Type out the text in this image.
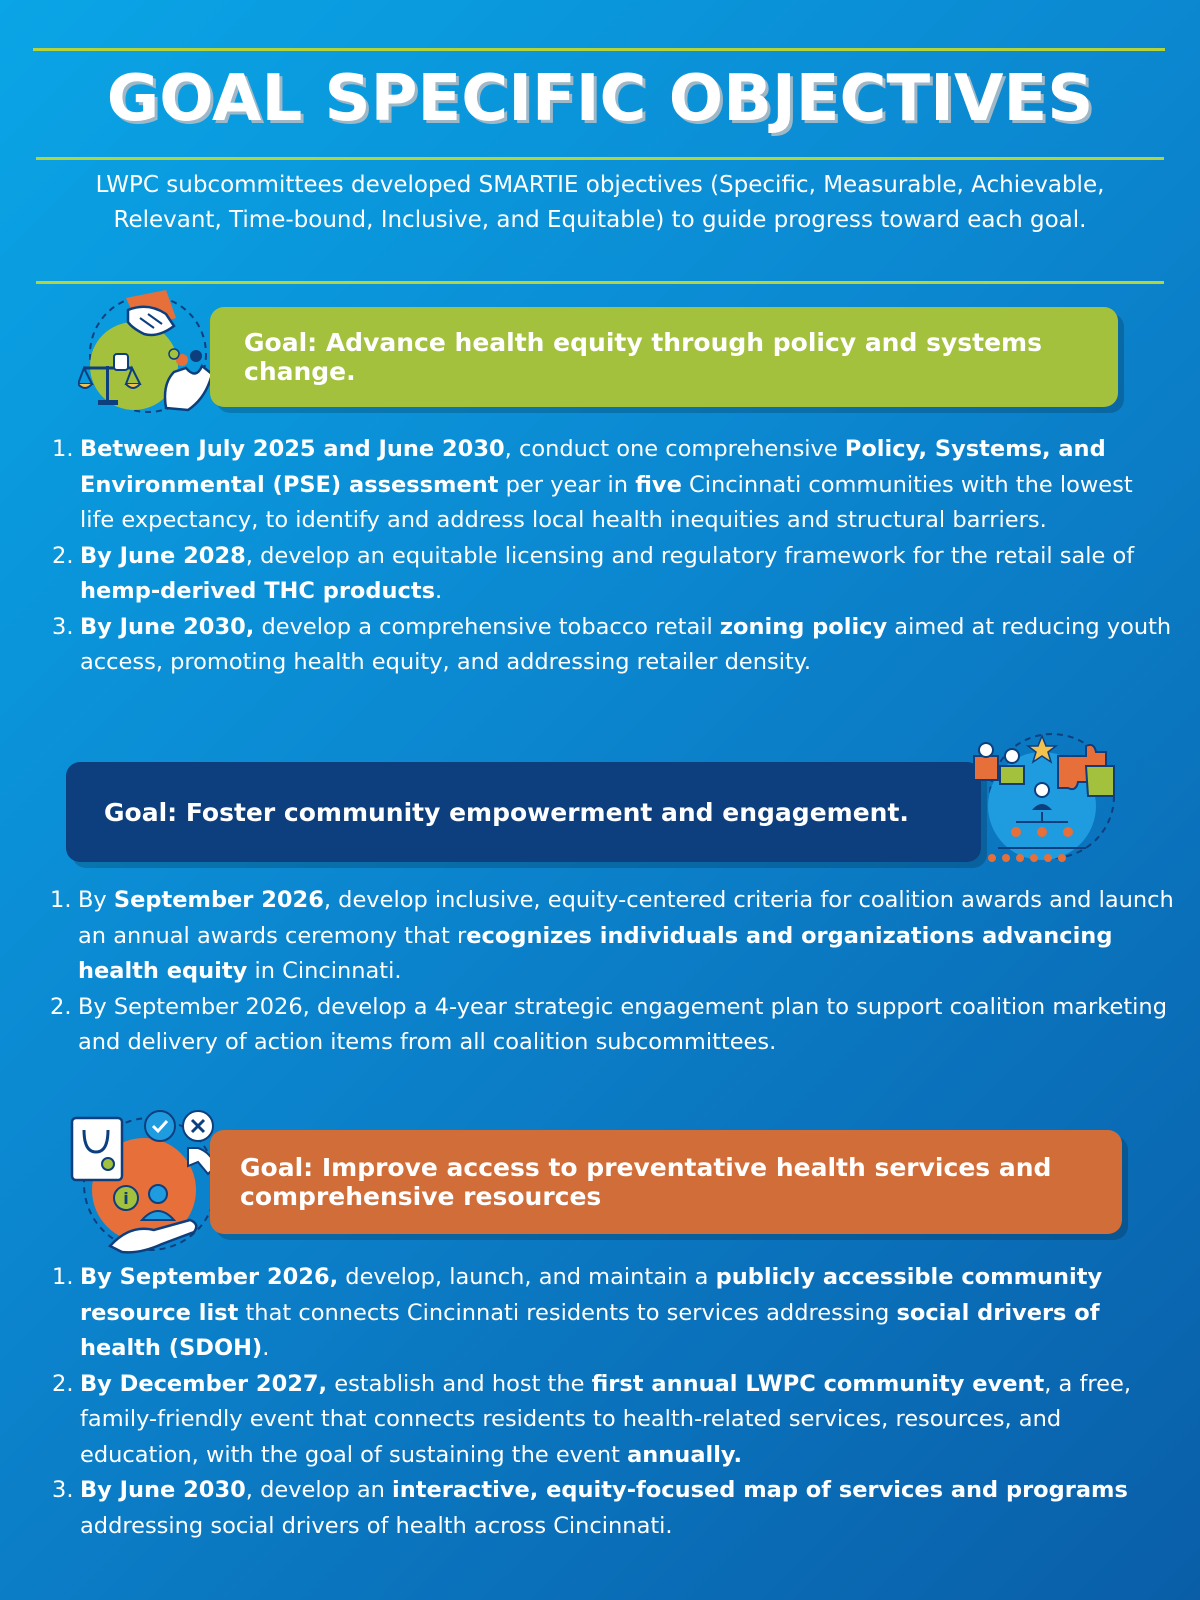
GOAL SPECIFIC OBJECTIVES

LWPC subcommittees developed SMARTIE objectives (Specific, Measurable, Achievable, Relevant, Time-bound, Inclusive, and Equitable) to guide progress toward each goal.

Goal: Advance health equity through policy and systems change.
1. Between July 2025 and June 2030, conduct one comprehensive Policy, Systems, and Environmental (PSE) assessment per year in five Cincinnati communities with the lowest life expectancy, to identify and address local health inequities and structural barriers.
2. By June 2028, develop an equitable licensing and regulatory framework for the retail sale of hemp-derived THC products.
3. By June 2030, develop a comprehensive tobacco retail zoning policy aimed at reducing youth access, promoting health equity, and addressing retailer density.
Goal: Foster community empowerment and engagement.
1. By September 2026, develop inclusive, equity-centered criteria for coalition awards and launch an annual awards ceremony that recognizes individuals and organizations advancing health equity in Cincinnati.
2. By September 2026, develop a 4-year strategic engagement plan to support coalition marketing and delivery of action items from all coalition subcommittees.
i
Goal: Improve access to preventative health services and comprehensive resources
1. By September 2026, develop, launch, and maintain a publicly accessible community resource list that connects Cincinnati residents to services addressing social drivers of health (SDOH).
2. By December 2027, establish and host the first annual LWPC community event, a free, family-friendly event that connects residents to health-related services, resources, and education, with the goal of sustaining the event annually.
3. By June 2030, develop an interactive, equity-focused map of services and programs addressing social drivers of health across Cincinnati.
